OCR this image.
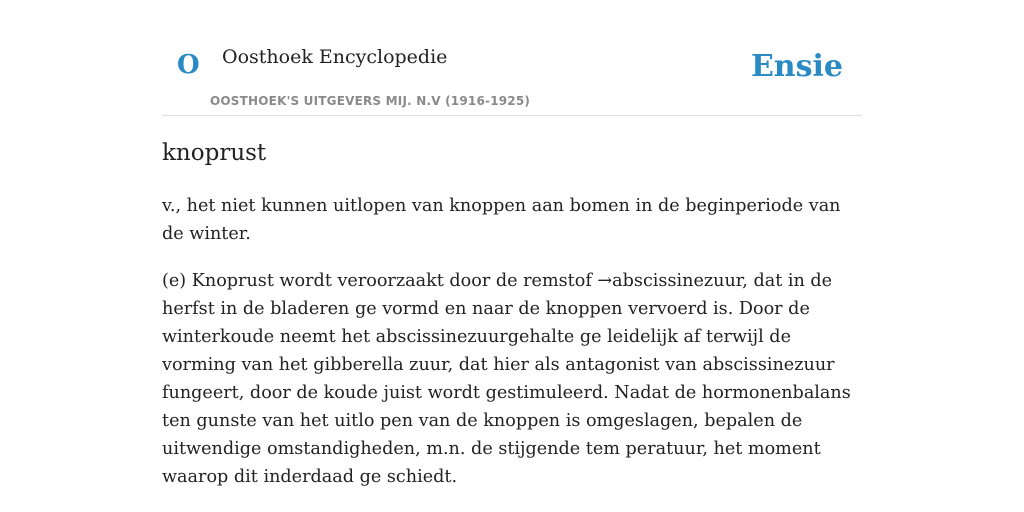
O Oosthoek Encyclopedie
OOSTHOEK'S UITGEVERS MIJ. N.V (1916-1925)
Ensie
knoprust

v., het niet kunnen uitlopen van knoppen aan bomen in de beginperiode van de winter.

(e) Knoprust wordt veroorzaakt door de remstof →abscissinezuur, dat in de herfst in de bladeren ge vormd en naar de knoppen vervoerd is. Door de winterkoude neemt het abscissinezuurgehalte ge leidelijk af terwijl de vorming van het gibberella zuur, dat hier als antagonist van abscissinezuur fungeert, door de koude juist wordt gestimuleerd. Nadat de hormonenbalans ten gunste van het uitlo pen van de knoppen is omgeslagen, bepalen de uitwendige omstandigheden, m.n. de stijgende tem peratuur, het moment waarop dit inderdaad ge schiedt.
